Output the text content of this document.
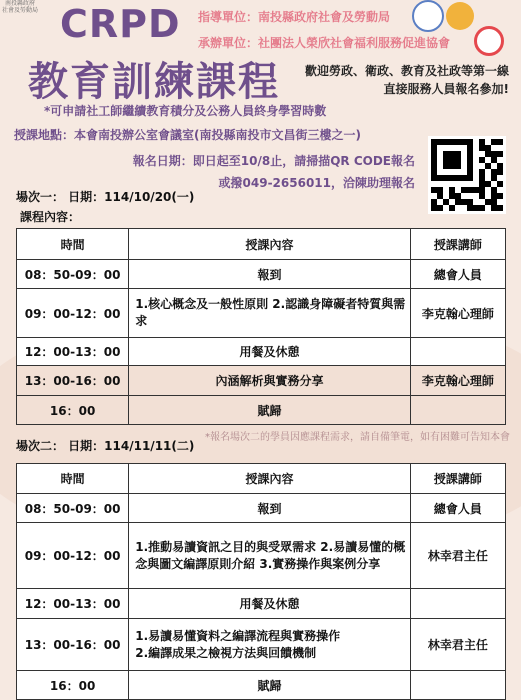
CRPD
教育訓練課程
指導單位：南投縣政府社會及勞動局
承辦單位：社團法人榮欣社會福利服務促進協會
南投縣政府
社會及勞動局
歡迎勞政、衛政、教育及社政等第一線
直接服務人員報名參加!
*可申請社工師繼續教育積分及公務人員終身學習時數
授課地點：本會南投辦公室會議室(南投縣南投市文昌街三樓之一)
報名日期：即日起至10/8止，請掃描QR CODE報名
或撥049-2656011，洽陳助理報名
場次一： 日期：114/10/20(一)
課程內容：
時間	授課內容	授課講師
08：50-09：00	報到	總會人員
09：00-12：00	1.核心概念及一般性原則 2.認識身障礙者特質與需求	李克翰心理師
12：00-13：00	用餐及休憩	
13：00-16：00	內涵解析與實務分享	李克翰心理師
16：00	賦歸	
場次二： 日期：114/11/11(二)
*報名場次二的學員因應課程需求，請自備筆電，如有困難可告知本會
時間	授課內容	授課講師
08：50-09：00	報到	總會人員
09：00-12：00	1.推動易讀資訊之目的與受眾需求 2.易讀易懂的概念與圖文編譯原則介紹 3.實務操作與案例分享	林幸君主任
12：00-13：00	用餐及休憩	
13：00-16：00	1.易讀易懂資料之編譯流程與實務操作
2.編譯成果之檢視方法與回饋機制	林幸君主任
16：00	賦歸	
